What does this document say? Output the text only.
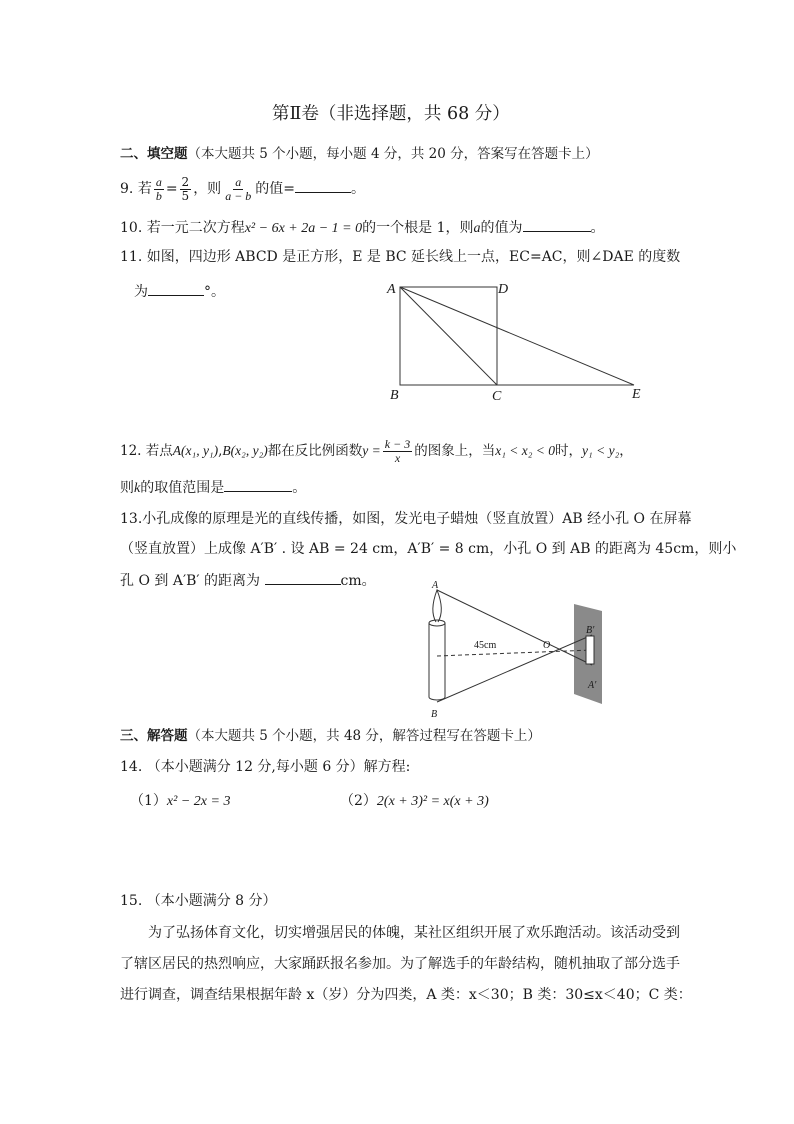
第Ⅱ卷（非选择题，共 68 分）
二、填空题（本大题共 5 个小题，每小题 4 分，共 20 分，答案写在答题卡上）
9. 若 $\frac{a}{b} = \frac{2}{5}$ ，则 $\frac{a}{a - b}$ 的值=	。
10. 若一元二次方程x² − 6x + 2a − 1 = 0的一个根是 1，则a的值为	。
11. 如图，四边形 ABCD 是正方形，E 是 BC 延长线上一点，EC=AC，则∠DAE 的度数
为	°。	A	D
B	C	E
12. 若点A(x₁, y₁),B(x₂, y₂)都在反比例函数$y = \frac{k - 3}{x}$ 的图象上，当x₁ < x₂ < 0时，y₁ < y₂，
则k的取值范围是	。
13.小孔成像的原理是光的直线传播，如图，发光电子蜡烛（竖直放置）AB 经小孔 O 在屏幕
（竖直放置）上成像 A′B′ . 设 AB = 24 cm，A′B′ = 8 cm，小孔 O 到 AB 的距离为 45cm，则小
孔 O 到 A′B′ 的距离为	cm。	A
B
45cm	O
B′
A′
三、解答题（本大题共 5 个小题，共 48 分，解答过程写在答题卡上）
14. （本小题满分 12 分,每小题 6 分）解方程:
（1）x² − 2x = 3	（2）2(x + 3)² = x(x + 3)
15. （本小题满分 8 分）
为了弘扬体育文化，切实增强居民的体魄，某社区组织开展了欢乐跑活动。该活动受到
了辖区居民的热烈响应，大家踊跃报名参加。为了解选手的年龄结构，随机抽取了部分选手
进行调查，调查结果根据年龄 x（岁）分为四类，A 类：x＜30；B 类：30≤x＜40；C 类：
